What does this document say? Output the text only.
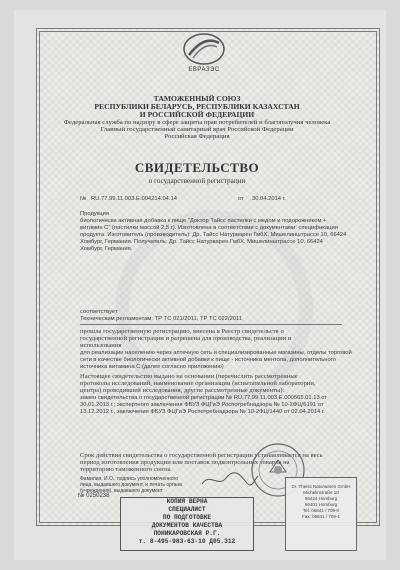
ЕВРАЗЭС
ТАМОЖЕННЫЙ СОЮЗ
РЕСПУБЛИКИ БЕЛАРУСЬ, РЕСПУБЛИКИ КАЗАХСТАН
И РОССИЙСКОЙ ФЕДЕРАЦИИ
Федеральная служба по надзору в сфере защиты прав потребителей и благополучия человека
Главный государственный санитарный врач Российской Федерации
Российская Федерация
СВИДЕТЕЛЬСТВО
о государственной регистрации
№ RU.77.99.11.003.E.004214.04.14	от 30.04.2014 г.
Продукция
биологически активная добавка к пище "Доктор Тайсс пастилки с медом и подорожником +
витамин С" (пастилки массой 2,5 г). Изготовлена в соответствии с документами: спецификация
продукта. Изготовитель (производитель): Др. Тайсс Натурварен ГмбХ, Мишелинштрассе 10, 66424
Хомбург, Германия. Получатель: Др. Тайсс Натурварен ГмбХ, Мишелинштрассе 10, 66424
Хомбург, Германия.
соответствует
Техническим регламентам: ТР ТС 021/2011, ТР ТС 022/2011
прошла государственную регистрацию, внесена в Реестр свидетельств о
государственной регистрации и разрешена для производства, реализации и
использования
для реализации населению через аптечную сеть и специализированные магазины, отделы торговой
сети в качестве биологически активной добавки к пище - источника ментола, дополнительного
источника витамина С (далее согласно приложению)
Настоящее свидетельство выдано на основании (перечислить рассмотренные
протоколы исследований, наименование организации (испытательной лаборатории,
центра) проводившей исследования, другие рассмотренные документы):
замен свидетельства о государственной регистрации № RU.77.99.11.003.E.000565.01.13 от
30.01.2013 г.; экспертного заключения ФБУЗ ФЦГиЭ Роспотребнадзора № 10-2ФЦ/6191 от
13.12.2012 г., заключения ФБУЗ ФЦГиЭ Роспотребнадзора № 10-2ФЦ/1440 от 02.04.2014 г.
Срок действия свидетельства о государственной регистрации устанавливается на весь
период изготовления продукции или поставок подконтрольных товаров на
территорию таможенного союза
Фамилия, И.О., подпись уполномоченного
лица, выдавшего документ, и печать органа
(учреждения), выдавшего документ
№ 0250238
КОПИЯ ВЕРНА
СПЕЦИАЛИСТ
ПО ПОДГОТОВКЕ
ДОКУМЕНТОВ КАЧЕСТВА
ПОНИКАРОВСКАЯ Р.Г.
т. 8-495-983-63-10 Д05.312
Dr. Theiss Naturwaren GmbH
Michelinstraße 10
66424 Homburg
66401 Homburg
Tel. 06841 / 709-0
Fax: 06841 / 709-1
